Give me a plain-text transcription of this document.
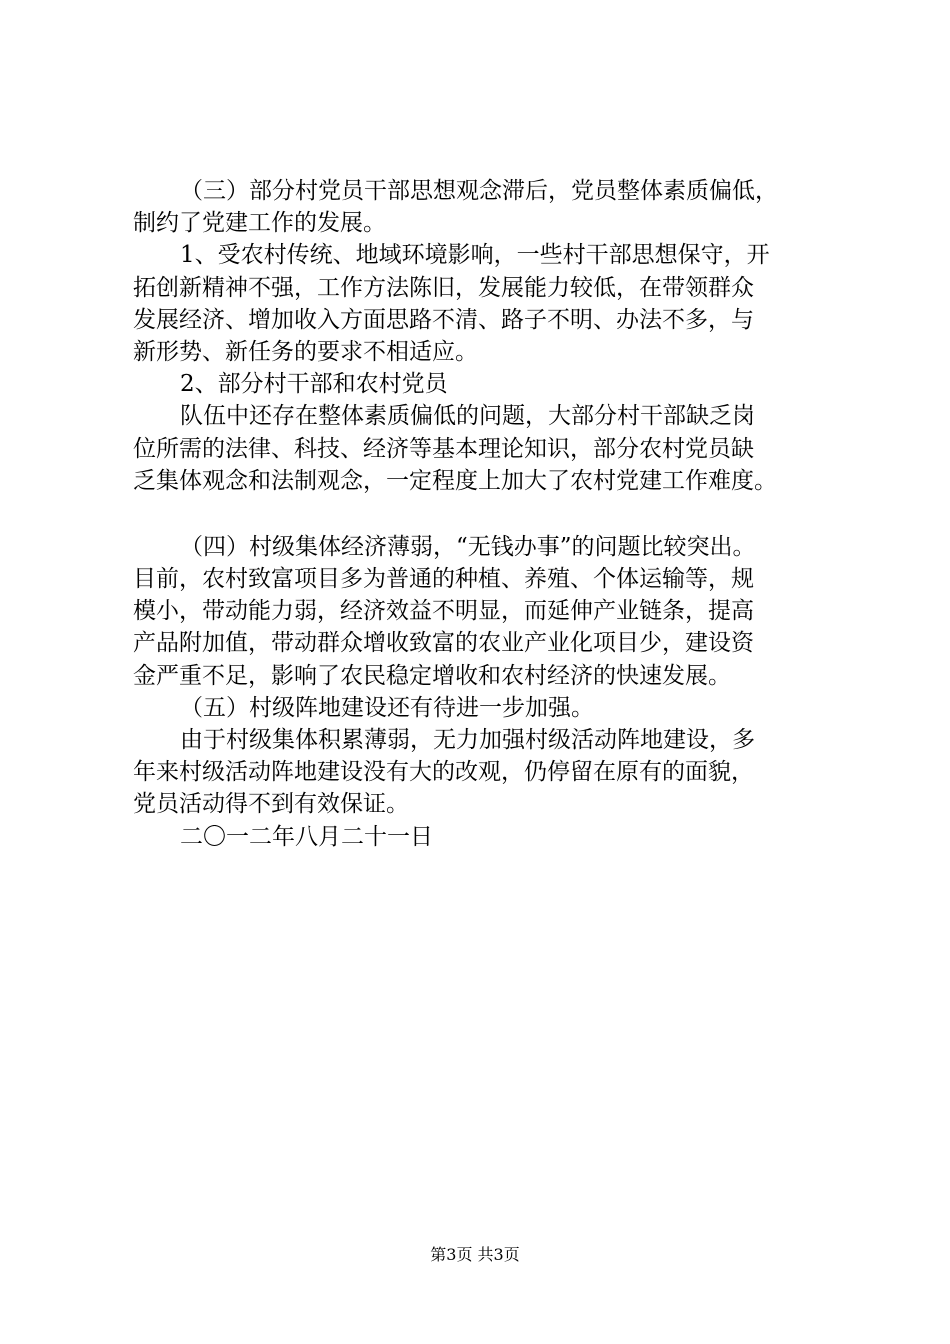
（三）部分村党员干部思想观念滞后，党员整体素质偏低，
制约了党建工作的发展。
1、受农村传统、地域环境影响，一些村干部思想保守，开
拓创新精神不强，工作方法陈旧，发展能力较低，在带领群众
发展经济、增加收入方面思路不清、路子不明、办法不多，与
新形势、新任务的要求不相适应。
2、部分村干部和农村党员
队伍中还存在整体素质偏低的问题，大部分村干部缺乏岗
位所需的法律、科技、经济等基本理论知识，部分农村党员缺
乏集体观念和法制观念，一定程度上加大了农村党建工作难度。
（四）村级集体经济薄弱，“无钱办事”的问题比较突出。
目前，农村致富项目多为普通的种植、养殖、个体运输等，规
模小，带动能力弱，经济效益不明显，而延伸产业链条，提高
产品附加值，带动群众增收致富的农业产业化项目少，建设资
金严重不足，影响了农民稳定增收和农村经济的快速发展。
（五）村级阵地建设还有待进一步加强。
由于村级集体积累薄弱，无力加强村级活动阵地建设，多
年来村级活动阵地建设没有大的改观，仍停留在原有的面貌，
党员活动得不到有效保证。
二〇一二年八月二十一日
第3页 共3页
